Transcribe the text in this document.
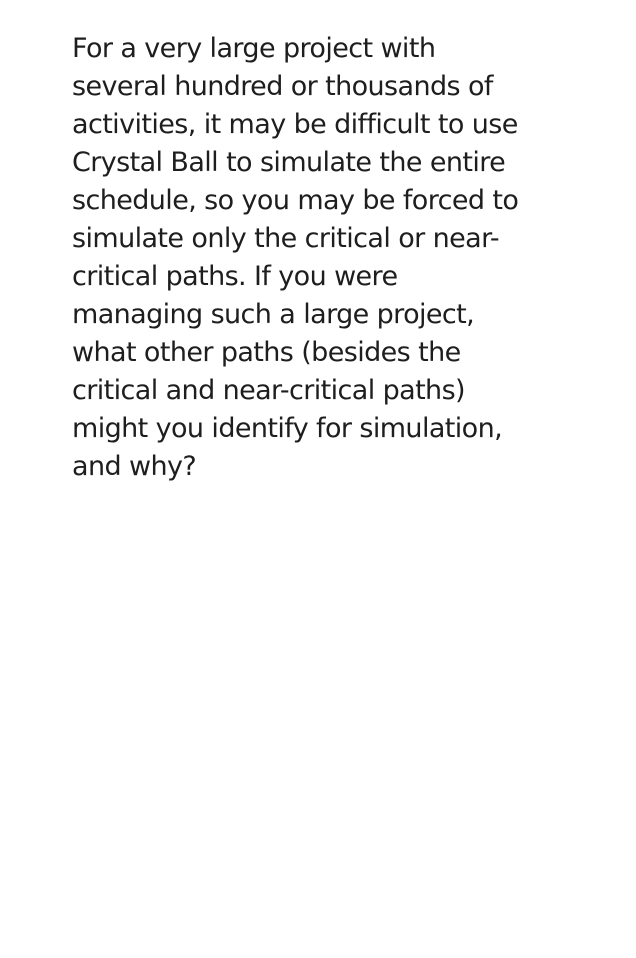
For a very large project with
several hundred or thousands of
activities, it may be difficult to use
Crystal Ball to simulate the entire
schedule, so you may be forced to
simulate only the critical or near-
critical paths. If you were
managing such a large project,
what other paths (besides the
critical and near-critical paths)
might you identify for simulation,
and why?
